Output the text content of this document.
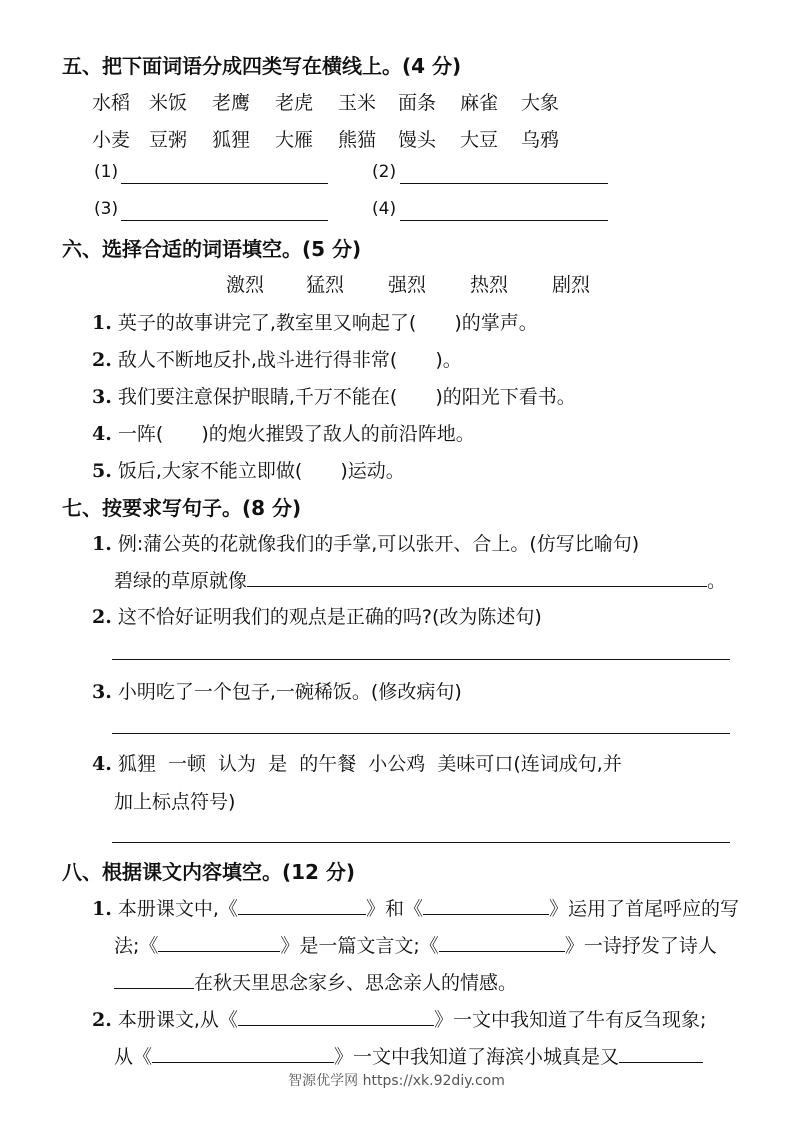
五、把下面词语分成四类写在横线上。(4 分)
水稻 米饭 老鹰 老虎 玉米 面条 麻雀 大象
小麦 豆粥 狐狸 大雁 熊猫 馒头 大豆 乌鸦
(1)	(2)
(3)	(4)
六、选择合适的词语填空。(5 分)
激烈 猛烈 强烈 热烈 剧烈
1. 英子的故事讲完了,教室里又响起了( )的掌声。
2. 敌人不断地反扑,战斗进行得非常( )。
3. 我们要注意保护眼睛,千万不能在( )的阳光下看书。
4. 一阵( )的炮火摧毁了敌人的前沿阵地。
5. 饭后,大家不能立即做( )运动。
七、按要求写句子。(8 分)
1. 例:蒲公英的花就像我们的手掌,可以张开、合上。(仿写比喻句)
碧绿的草原就像	。
2. 这不恰好证明我们的观点是正确的吗?(改为陈述句)
3. 小明吃了一个包子,一碗稀饭。(修改病句)
4. 狐狸  一顿  认为  是  的午餐  小公鸡  美味可口(连词成句,并
加上标点符号)
八、根据课文内容填空。(12 分)
1. 本册课文中,《	》和《	》运用了首尾呼应的写
法;《	》是一篇文言文;《	》一诗抒发了诗人
在秋天里思念家乡、思念亲人的情感。
2. 本册课文,从《	》一文中我知道了牛有反刍现象;
从《	》一文中我知道了海滨小城真是又
智源优学网 https://xk.92diy.com
